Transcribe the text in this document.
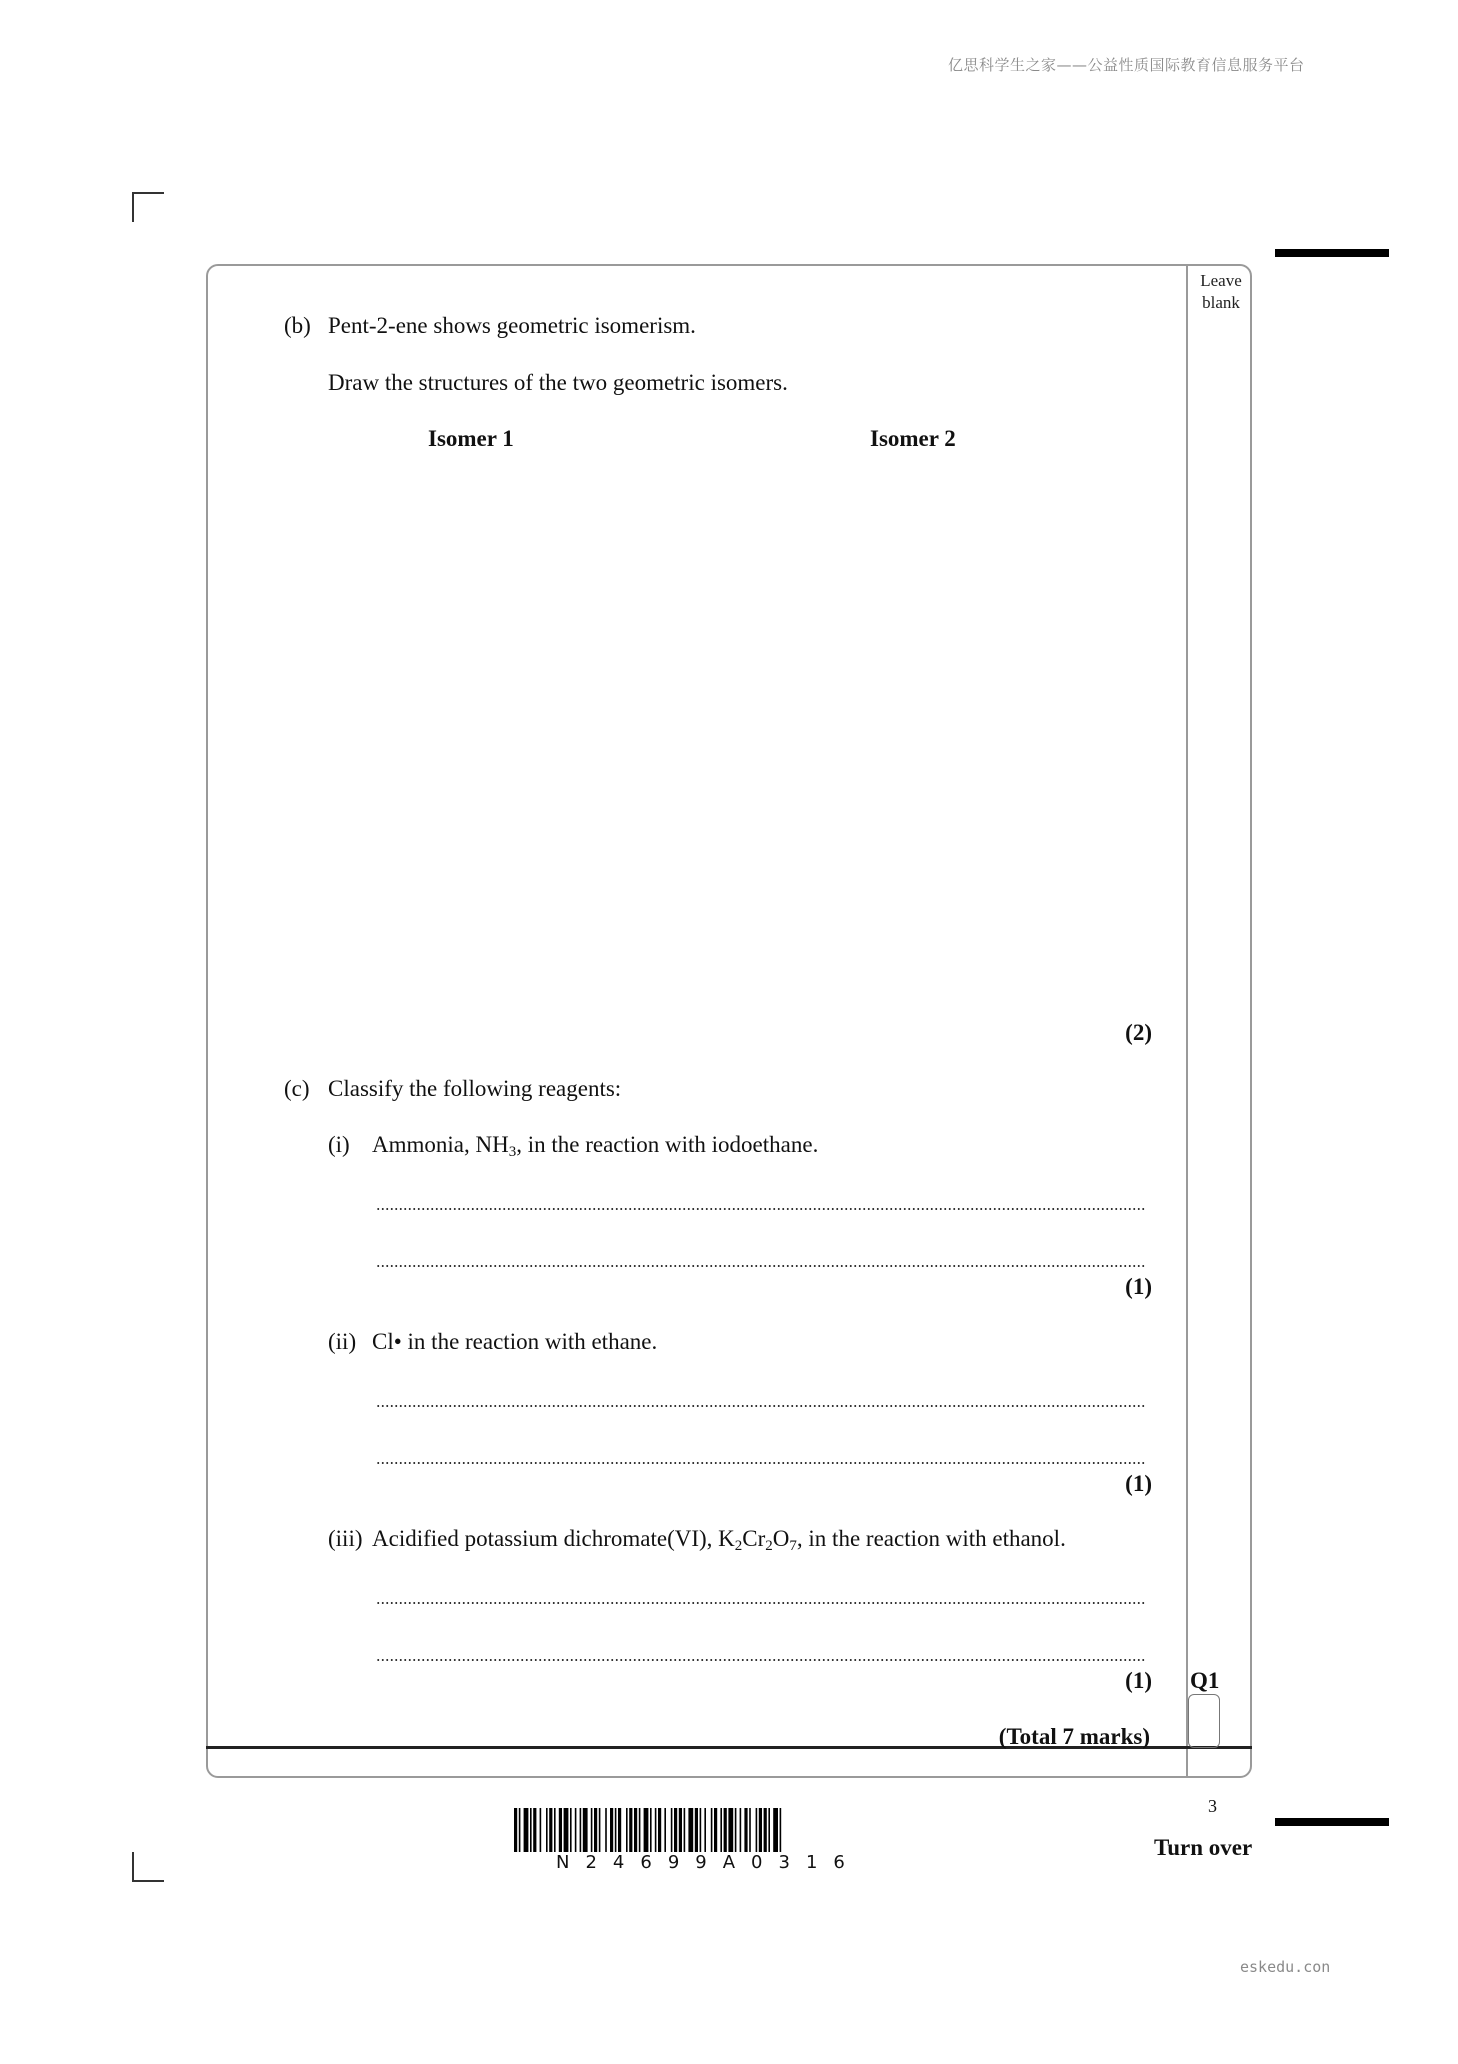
亿思科学生之家——公益性质国际教育信息服务平台
eskedu.con
Leave blank
(b) Pent-2-ene shows geometric isomerism.
Draw the structures of the two geometric isomers.
Isomer 1	Isomer 2
(2)
(c) Classify the following reagents:
(i) Ammonia, $NH_3$, in the reaction with iodoethane.
(1)
(ii) Cl• in the reaction with ethane.
(1)
(iii) Acidified potassium dichromate(VI), $K_2Cr_2O_7$, in the reaction with ethanol.
(1) Q1
(Total 7 marks)
3
Turn over
N24699A0316
